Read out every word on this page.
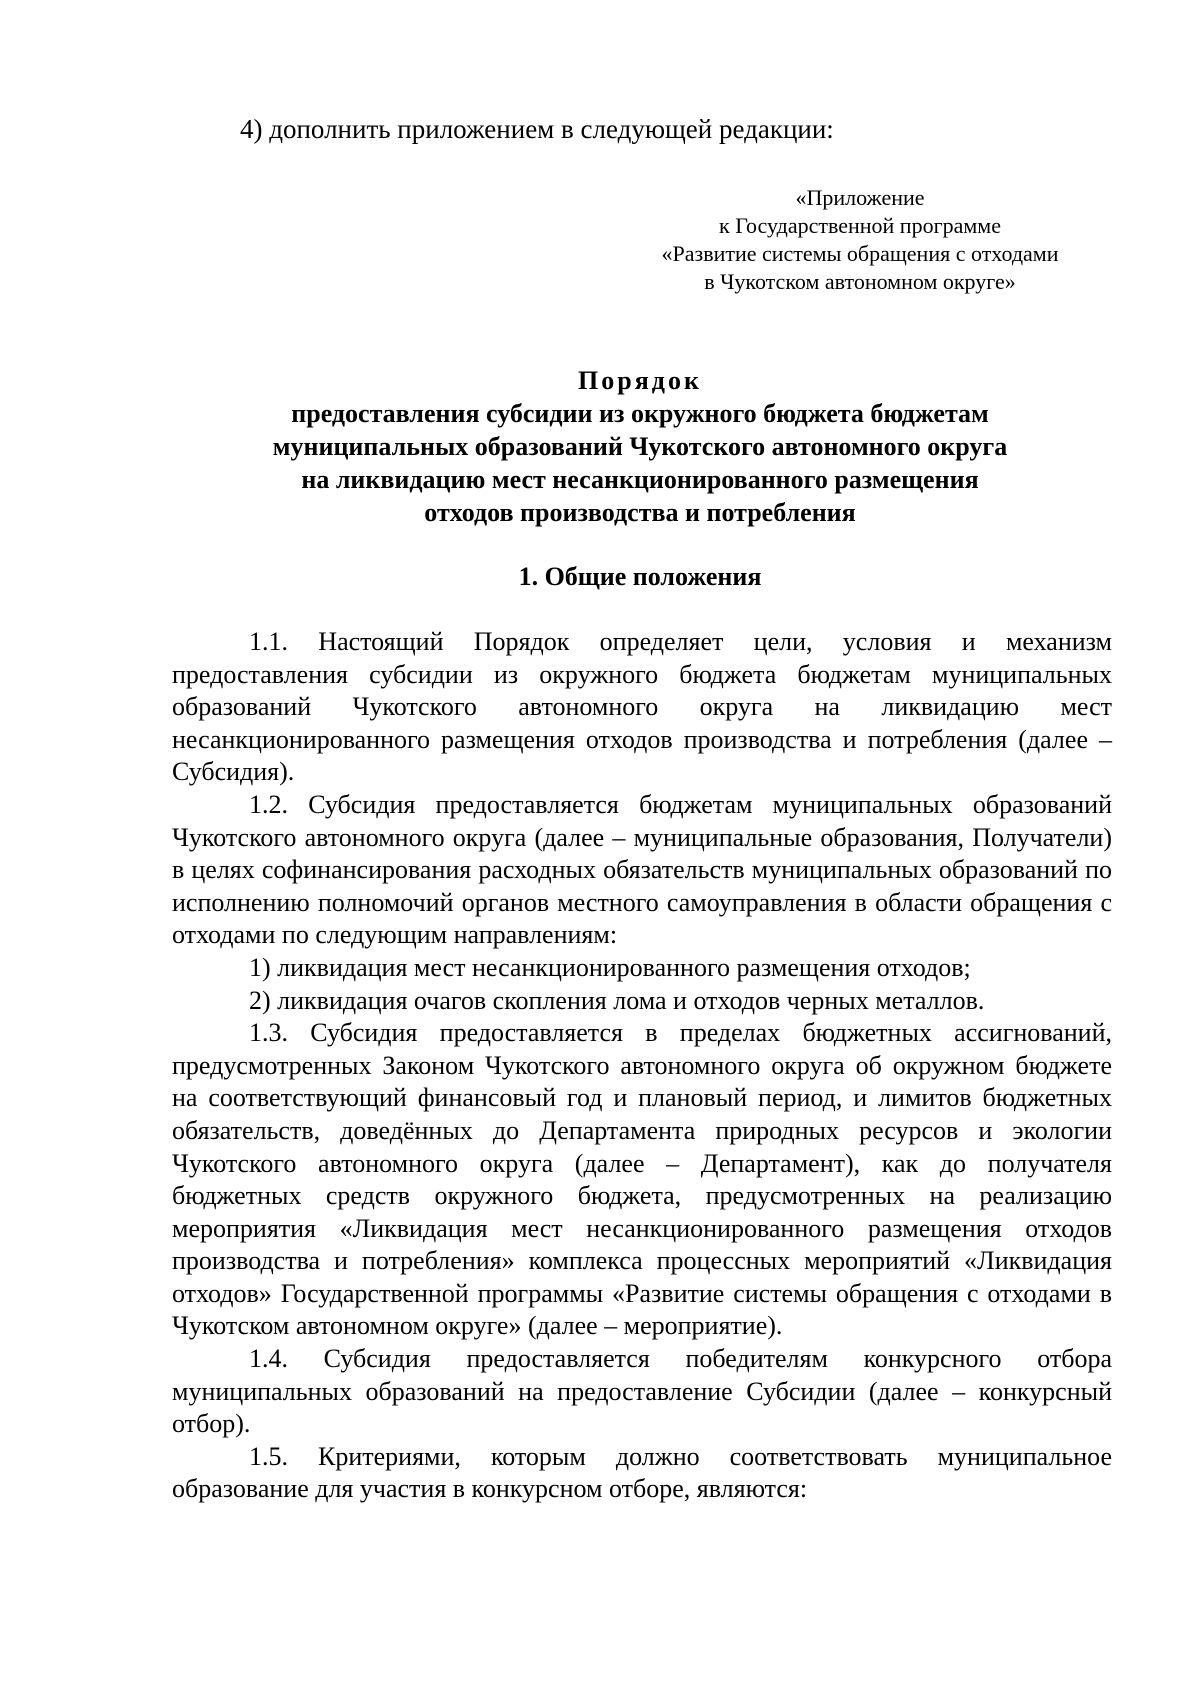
4) дополнить приложением в следующей редакции:
«Приложение
к Государственной программе
«Развитие системы обращения с отходами
в Чукотском автономном округе»
Порядок
предоставления субсидии из окружного бюджета бюджетам
муниципальных образований Чукотского автономного округа
на ликвидацию мест несанкционированного размещения
отходов производства и потребления
1. Общие положения

1.1. Настоящий Порядок определяет цели, условия и механизм предоставления субсидии из окружного бюджета бюджетам муниципальных образований Чукотского автономного округа на ликвидацию мест несанкционированного размещения отходов производства и потребления (далее – Субсидия).

1.2. Субсидия предоставляется бюджетам муниципальных образований Чукотского автономного округа (далее – муниципальные образования, Получатели) в целях софинансирования расходных обязательств муниципальных образований по исполнению полномочий органов местного самоуправления в области обращения с отходами по следующим направлениям:

1) ликвидация мест несанкционированного размещения отходов;

2) ликвидация очагов скопления лома и отходов черных металлов.

1.3. Субсидия предоставляется в пределах бюджетных ассигнований, предусмотренных Законом Чукотского автономного округа об окружном бюджете на соответствующий финансовый год и плановый период, и лимитов бюджетных обязательств, доведённых до Департамента природных ресурсов и экологии Чукотского автономного округа (далее – Департамент), как до получателя бюджетных средств окружного бюджета, предусмотренных на реализацию мероприятия «Ликвидация мест несанкционированного размещения отходов производства и потребления» комплекса процессных мероприятий «Ликвидация отходов» Государственной программы «Развитие системы обращения с отходами в Чукотском автономном округе» (далее – мероприятие).

1.4. Субсидия предоставляется победителям конкурсного отбора муниципальных образований на предоставление Субсидии (далее – конкурсный отбор).

1.5. Критериями, которым должно соответствовать муниципальное образование для участия в конкурсном отборе, являются:
